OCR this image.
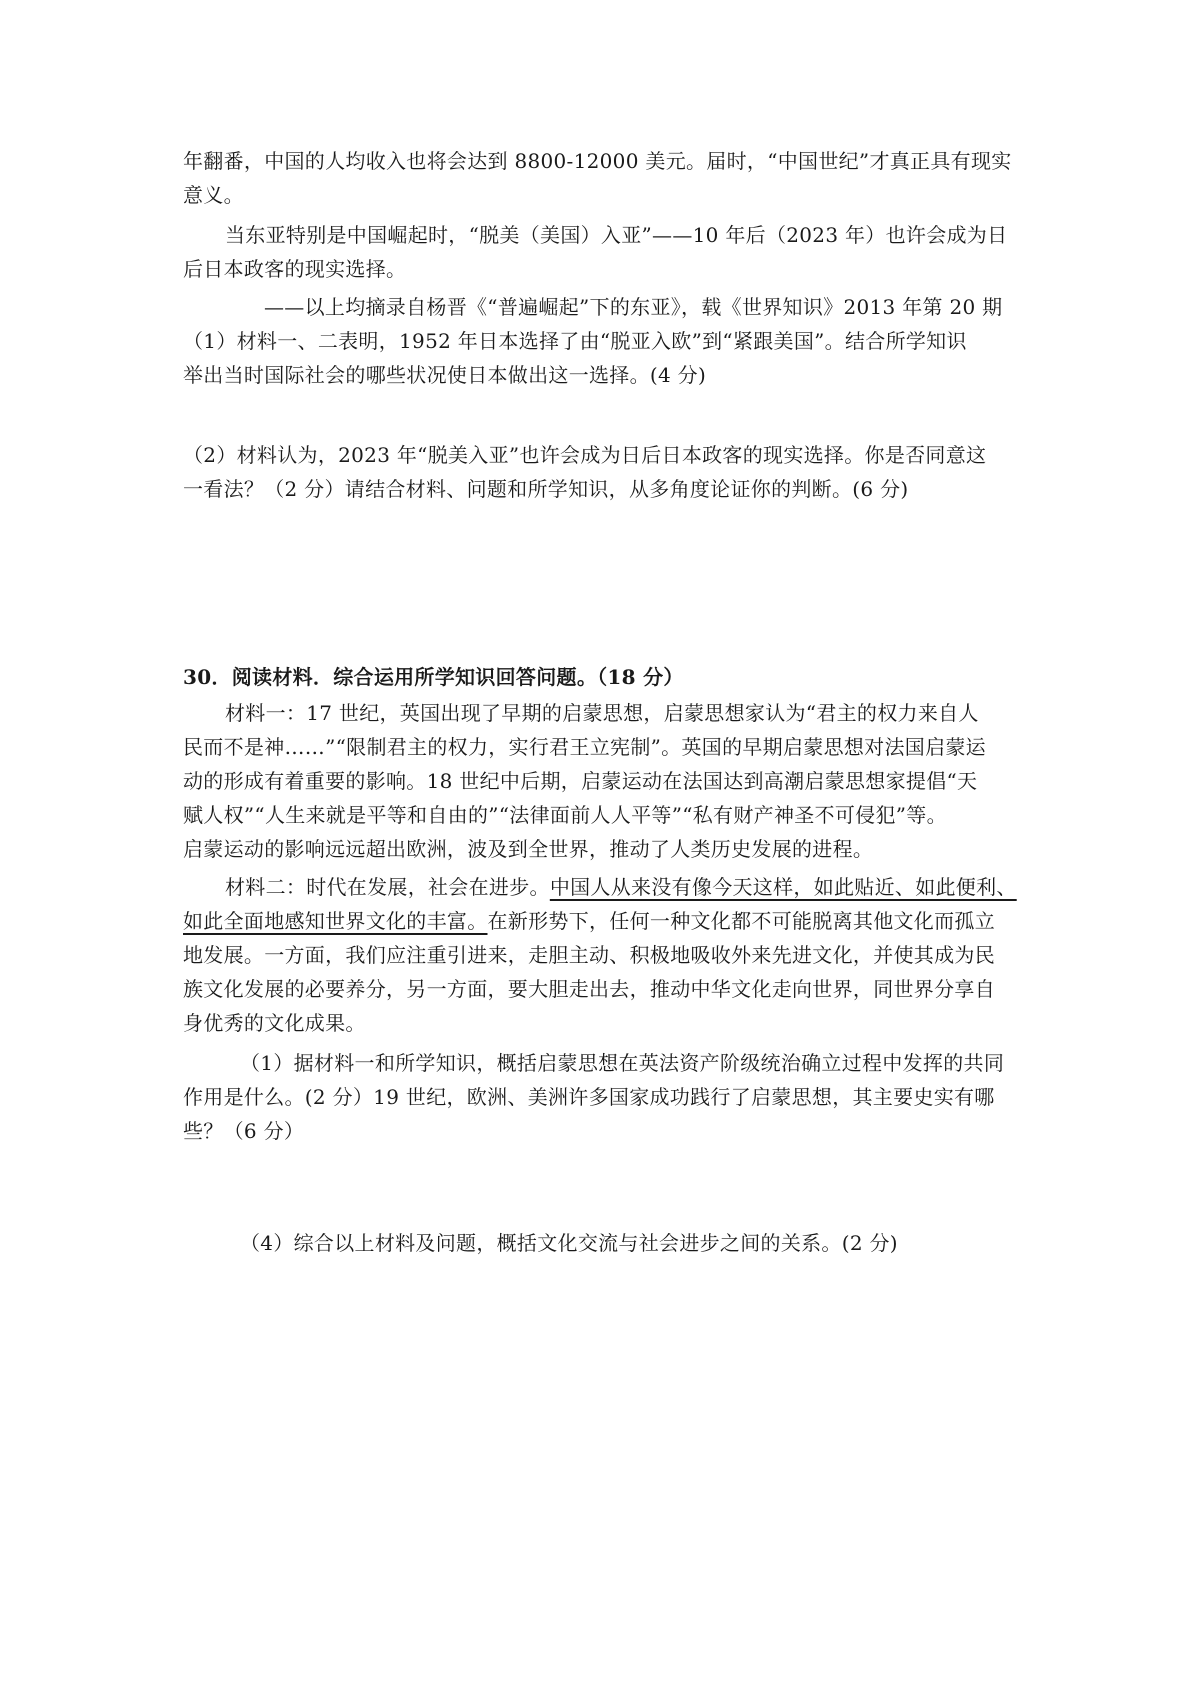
年翻番，中国的人均收入也将会达到 8800-12000 美元。届时，“中国世纪”才真正具有现实
意义。
当东亚特别是中国崛起时，“脱美（美国）入亚”——10 年后（2023 年）也许会成为日
后日本政客的现实选择。
——以上均摘录自杨晋《“普遍崛起”下的东亚》，载《世界知识》2013 年第 20 期
（1）材料一、二表明，1952 年日本选择了由“脱亚入欧”到“紧跟美国”。结合所学知识
举出当时国际社会的哪些状况使日本做出这一选择。(4 分)
（2）材料认为，2023 年“脱美入亚”也许会成为日后日本政客的现实选择。你是否同意这
一看法？（2 分）请结合材料、问题和所学知识，从多角度论证你的判断。(6 分)
30．阅读材料．综合运用所学知识回答问题。（18 分）
材料一：17 世纪，英国出现了早期的启蒙思想，启蒙思想家认为“君主的权力来自人
民而不是神……”“限制君主的权力，实行君王立宪制”。英国的早期启蒙思想对法国启蒙运
动的形成有着重要的影响。18 世纪中后期，启蒙运动在法国达到高潮启蒙思想家提倡“天
赋人权”“人生来就是平等和自由的”“法律面前人人平等”“私有财产神圣不可侵犯”等。
启蒙运动的影响远远超出欧洲，波及到全世界，推动了人类历史发展的进程。
材料二：时代在发展，社会在进步。中国人从来没有像今天这样，如此贴近、如此便利、
如此全面地感知世界文化的丰富。在新形势下，任何一种文化都不可能脱离其他文化而孤立
地发展。一方面，我们应注重引进来，走胆主动、积极地吸收外来先进文化，并使其成为民
族文化发展的必要养分，另一方面，要大胆走出去，推动中华文化走向世界，同世界分享自
身优秀的文化成果。
（1）据材料一和所学知识，概括启蒙思想在英法资产阶级统治确立过程中发挥的共同
作用是什么。(2 分）19 世纪，欧洲、美洲许多国家成功践行了启蒙思想，其主要史实有哪
些？（6 分）
（4）综合以上材料及问题，概括文化交流与社会进步之间的关系。(2 分)
